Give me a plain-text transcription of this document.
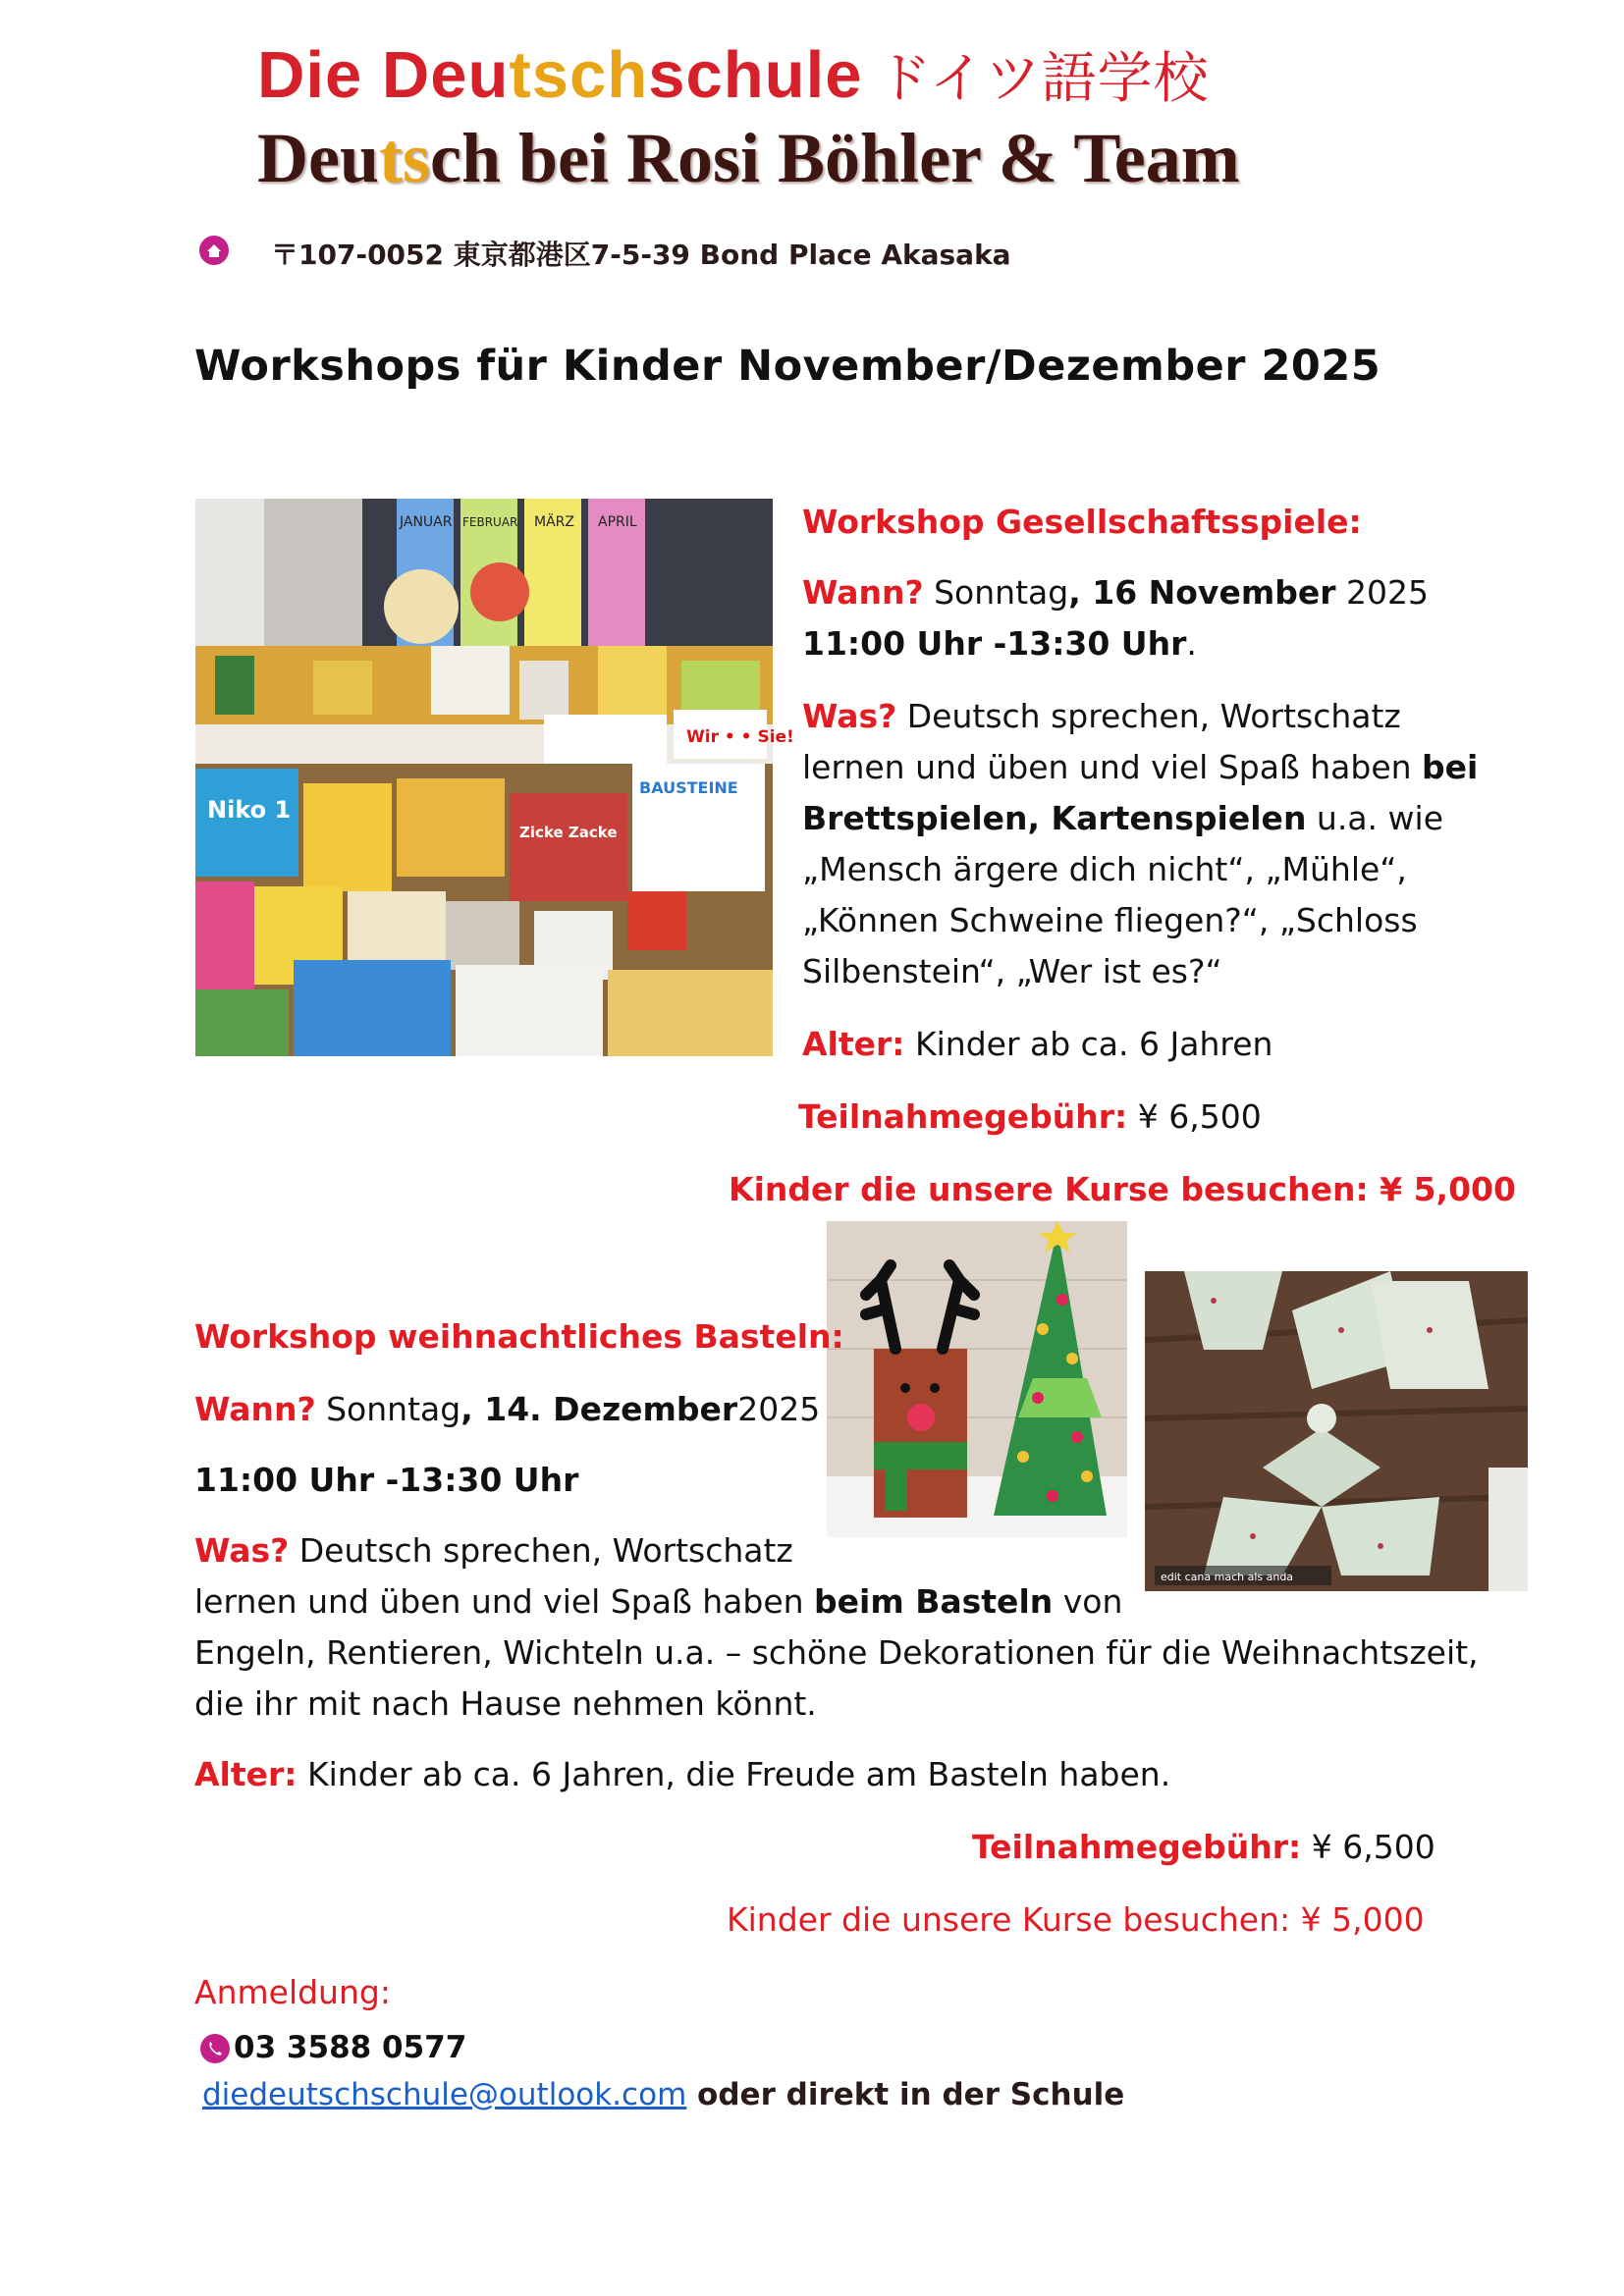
Die Deutschschule ドイツ語学校
Deutsch bei Rosi Böhler & Team
〒107-0052 東京都港区7-5-39 Bond Place Akasaka
Workshops für Kinder November/Dezember 2025
JANUAR FEBRUAR MÄRZ APRIL
Wir • • Sie!
Niko 1
Zicke Zacke
BAUSTEINE
Workshop Gesellschaftsspiele:
Wann? Sonntag, 16 November 2025
11:00 Uhr -13:30 Uhr.
Was? Deutsch sprechen, Wortschatz
lernen und üben und viel Spaß haben bei
Brettspielen, Kartenspielen u.a. wie
„Mensch ärgere dich nicht“, „Mühle“,
„Können Schweine fliegen?“, „Schloss
Silbenstein“, „Wer ist es?“
Alter: Kinder ab ca. 6 Jahren
Teilnahmegebühr: ¥ 6,500
Kinder die unsere Kurse besuchen: ¥ 5,000
edit cana mach als anda
Workshop weihnachtliches Basteln:
Wann? Sonntag, 14. Dezember2025
11:00 Uhr -13:30 Uhr
Was? Deutsch sprechen, Wortschatz
lernen und üben und viel Spaß haben beim Basteln von
Engeln, Rentieren, Wichteln u.a. – schöne Dekorationen für die Weihnachtszeit,
die ihr mit nach Hause nehmen könnt.
Alter: Kinder ab ca. 6 Jahren, die Freude am Basteln haben.
Teilnahmegebühr: ¥ 6,500
Kinder die unsere Kurse besuchen: ¥ 5,000
Anmeldung:
03 3588 0577
diedeutschschule@outlook.com oder direkt in der Schule
